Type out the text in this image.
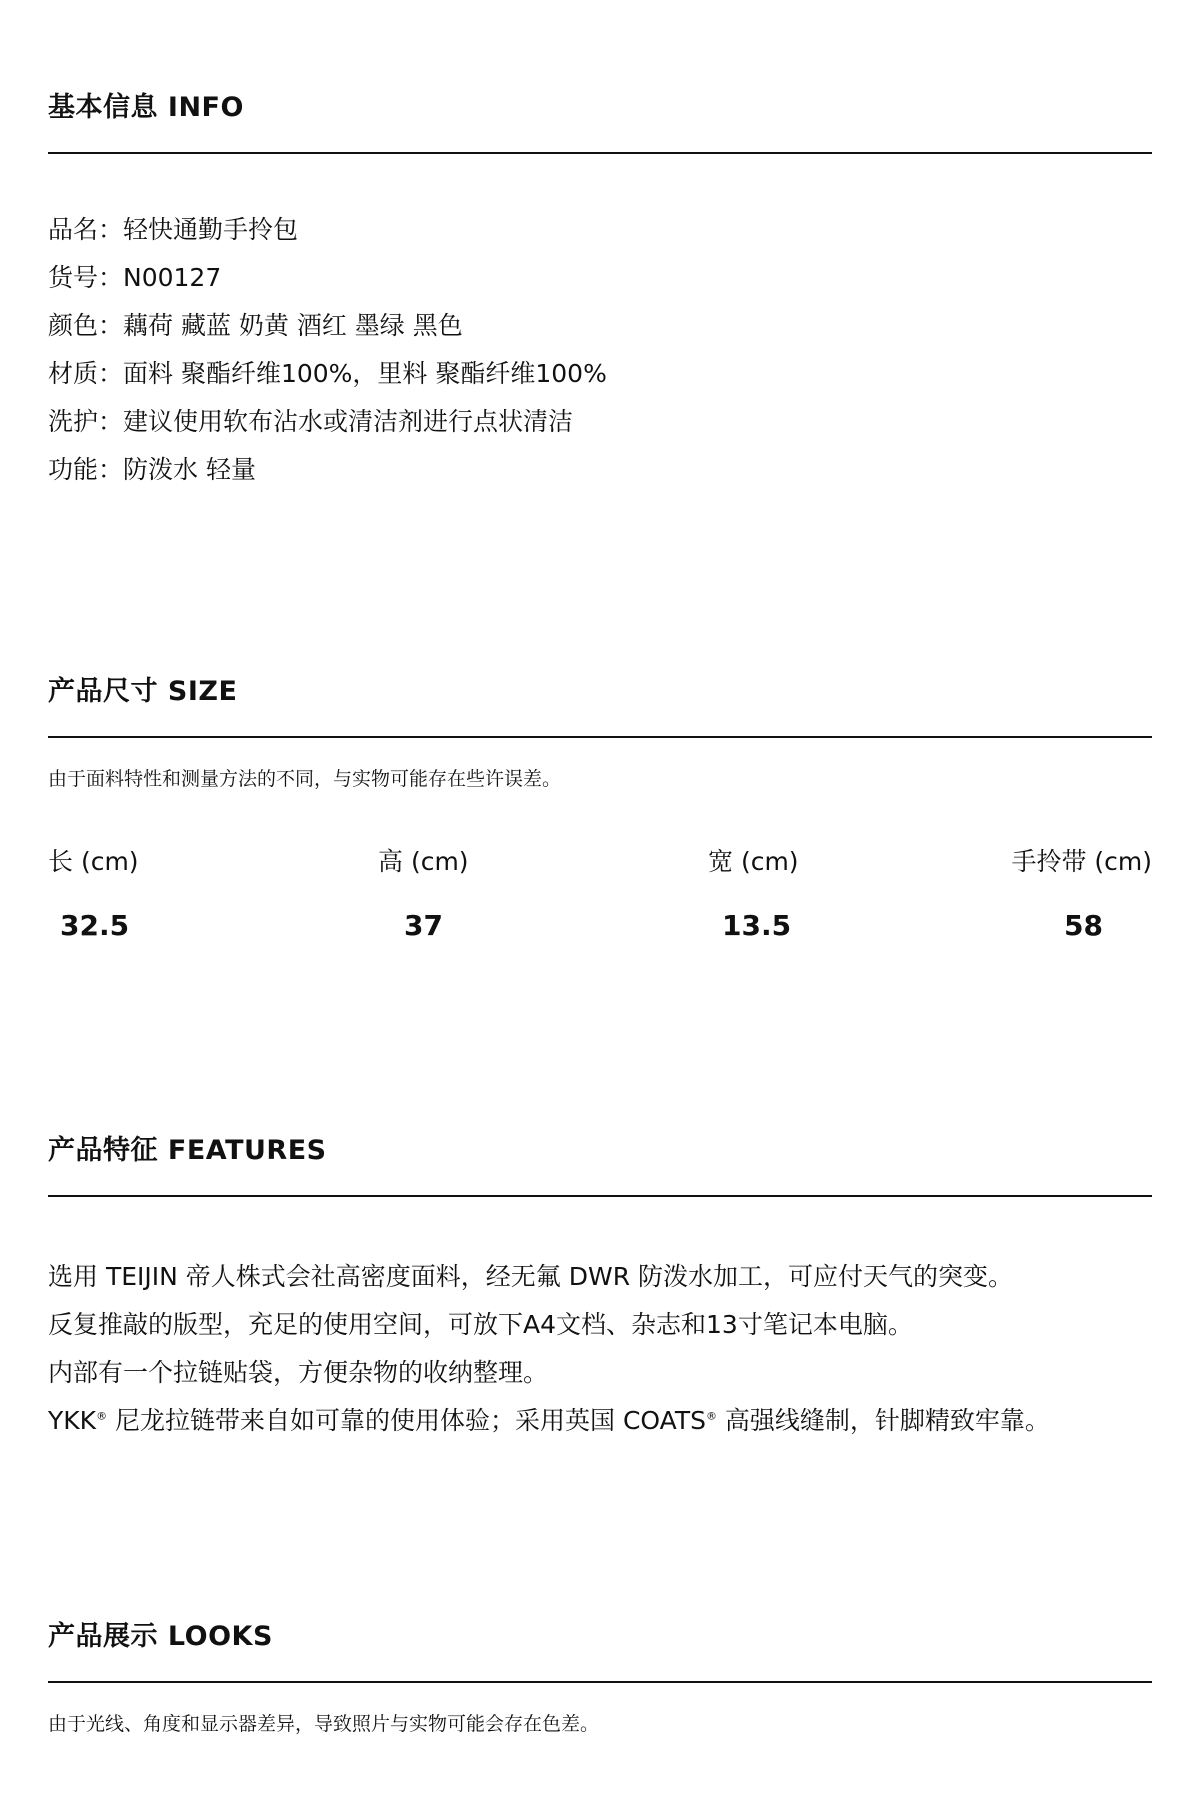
基本信息 INFO
品名：轻快通勤手拎包
货号：N00127
颜色：藕荷 藏蓝 奶黄 酒红 墨绿 黑色
材质：面料 聚酯纤维100%，里料 聚酯纤维100%
洗护：建议使用软布沾水或清洁剂进行点状清洁
功能：防泼水 轻量
产品尺寸 SIZE

由于面料特性和测量方法的不同，与实物可能存在些许误差。

长 (cm)	高 (cm)	宽 (cm)	手拎带 (cm)
32.5	37	13.5	58
产品特征 FEATURES
选用 TEIJIN 帝人株式会社高密度面料，经无氟 DWR 防泼水加工，可应付天气的突变。
反复推敲的版型，充足的使用空间，可放下A4文档、杂志和13寸笔记本电脑。
内部有一个拉链贴袋，方便杂物的收纳整理。
YKK® 尼龙拉链带来自如可靠的使用体验；采用英国 COATS® 高强线缝制，针脚精致牢靠。
产品展示 LOOKS

由于光线、角度和显示器差异，导致照片与实物可能会存在色差。
